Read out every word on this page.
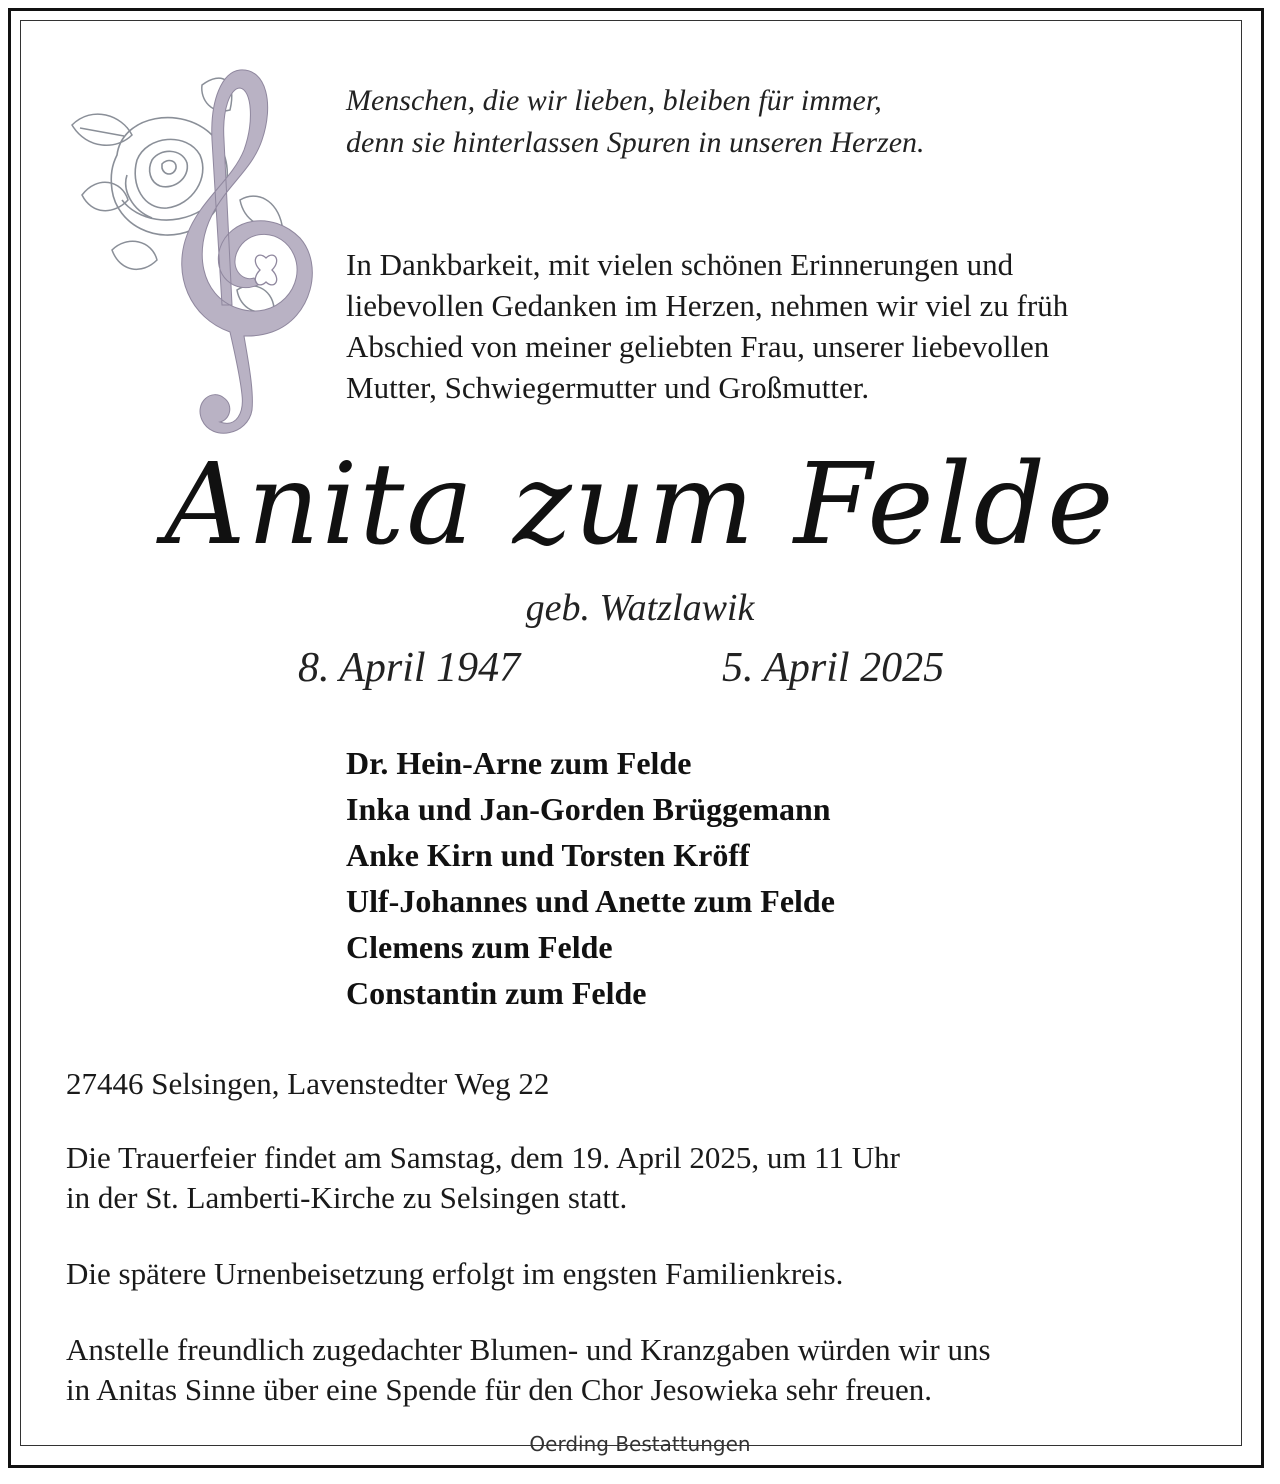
Menschen, die wir lieben, bleiben für immer,
denn sie hinterlassen Spuren in unseren Herzen.
In Dankbarkeit, mit vielen schönen Erinnerungen und
liebevollen Gedanken im Herzen, nehmen wir viel zu früh
Abschied von meiner geliebten Frau, unserer liebevollen
Mutter, Schwiegermutter und Großmutter.
Anita zum Felde
geb. Watzlawik
8. April 1947	5. April 2025
Dr. Hein-Arne zum Felde
Inka und Jan-Gorden Brüggemann
Anke Kirn und Torsten Kröff
Ulf-Johannes und Anette zum Felde
Clemens zum Felde
Constantin zum Felde
27446 Selsingen, Lavenstedter Weg 22
Die Trauerfeier findet am Samstag, dem 19. April 2025, um 11 Uhr
in der St. Lamberti-Kirche zu Selsingen statt.
Die spätere Urnenbeisetzung erfolgt im engsten Familienkreis.
Anstelle freundlich zugedachter Blumen- und Kranzgaben würden wir uns
in Anitas Sinne über eine Spende für den Chor Jesowieka sehr freuen.
Oerding Bestattungen
